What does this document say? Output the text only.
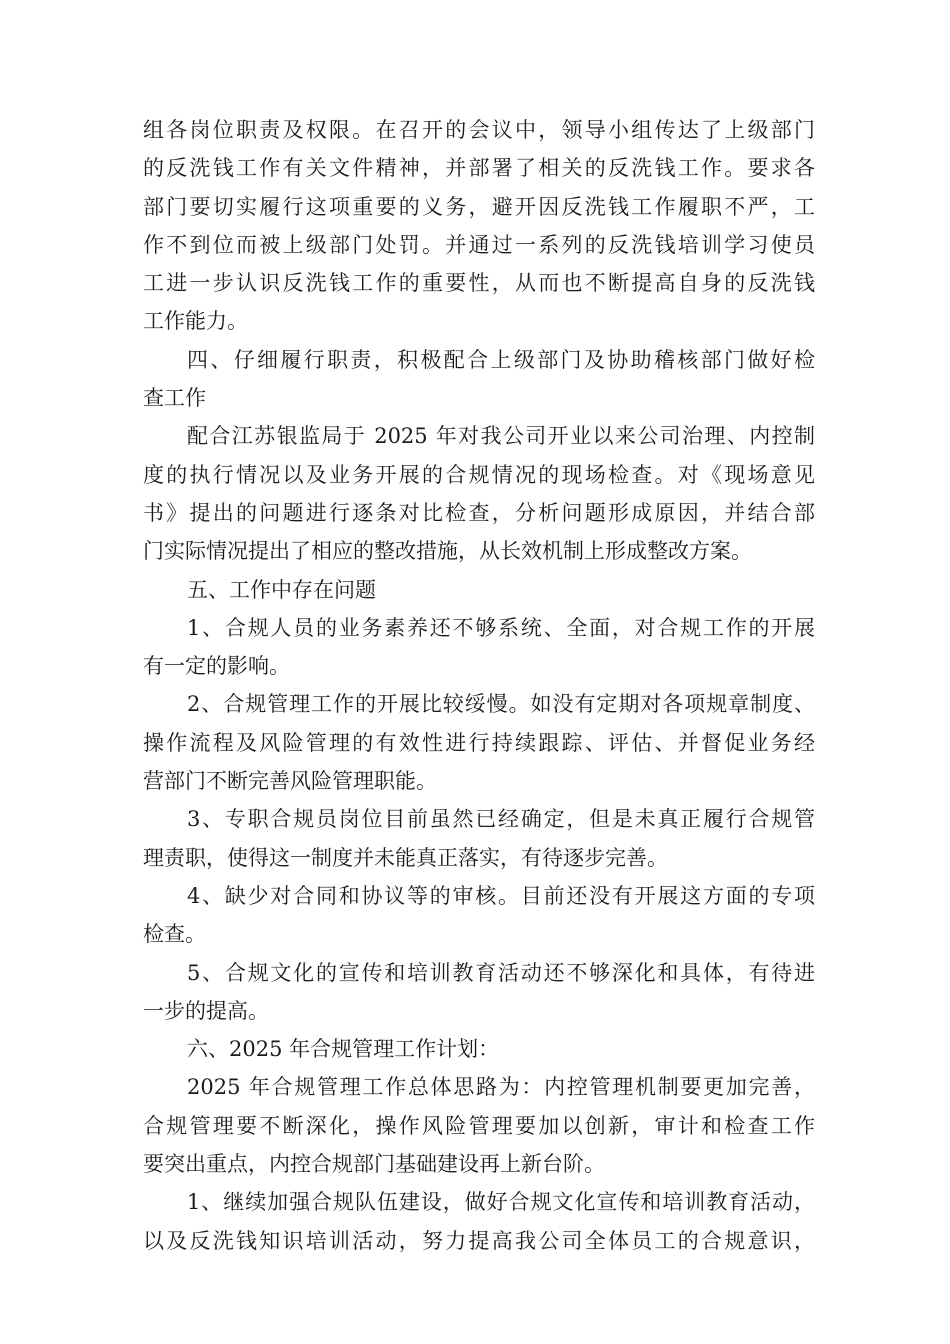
组各岗位职责及权限。在召开的会议中，领导小组传达了上级部门
的反洗钱工作有关文件精神，并部署了相关的反洗钱工作。要求各
部门要切实履行这项重要的义务，避开因反洗钱工作履职不严，工
作不到位而被上级部门处罚。并通过一系列的反洗钱培训学习使员
工进一步认识反洗钱工作的重要性，从而也不断提高自身的反洗钱
工作能力。
四、仔细履行职责，积极配合上级部门及协助稽核部门做好检
查工作
配合江苏银监局于 2025 年对我公司开业以来公司治理、内控制
度的执行情况以及业务开展的合规情况的现场检查。对《现场意见
书》提出的问题进行逐条对比检查，分析问题形成原因，并结合部
门实际情况提出了相应的整改措施，从长效机制上形成整改方案。
五、工作中存在问题
1、合规人员的业务素养还不够系统、全面，对合规工作的开展
有一定的影响。
2、合规管理工作的开展比较绥慢。如没有定期对各项规章制度、
操作流程及风险管理的有效性进行持续跟踪、评估、并督促业务经
营部门不断完善风险管理职能。
3、专职合规员岗位目前虽然已经确定，但是未真正履行合规管
理责职，使得这一制度并未能真正落实，有待逐步完善。
4、缺少对合同和协议等的审核。目前还没有开展这方面的专项
检查。
5、合规文化的宣传和培训教育活动还不够深化和具体，有待进
一步的提高。
六、2025 年合规管理工作计划：
2025 年合规管理工作总体思路为：内控管理机制要更加完善，
合规管理要不断深化，操作风险管理要加以创新，审计和检查工作
要突出重点，内控合规部门基础建设再上新台阶。
1、继续加强合规队伍建设，做好合规文化宣传和培训教育活动，
以及反洗钱知识培训活动，努力提高我公司全体员工的合规意识，
